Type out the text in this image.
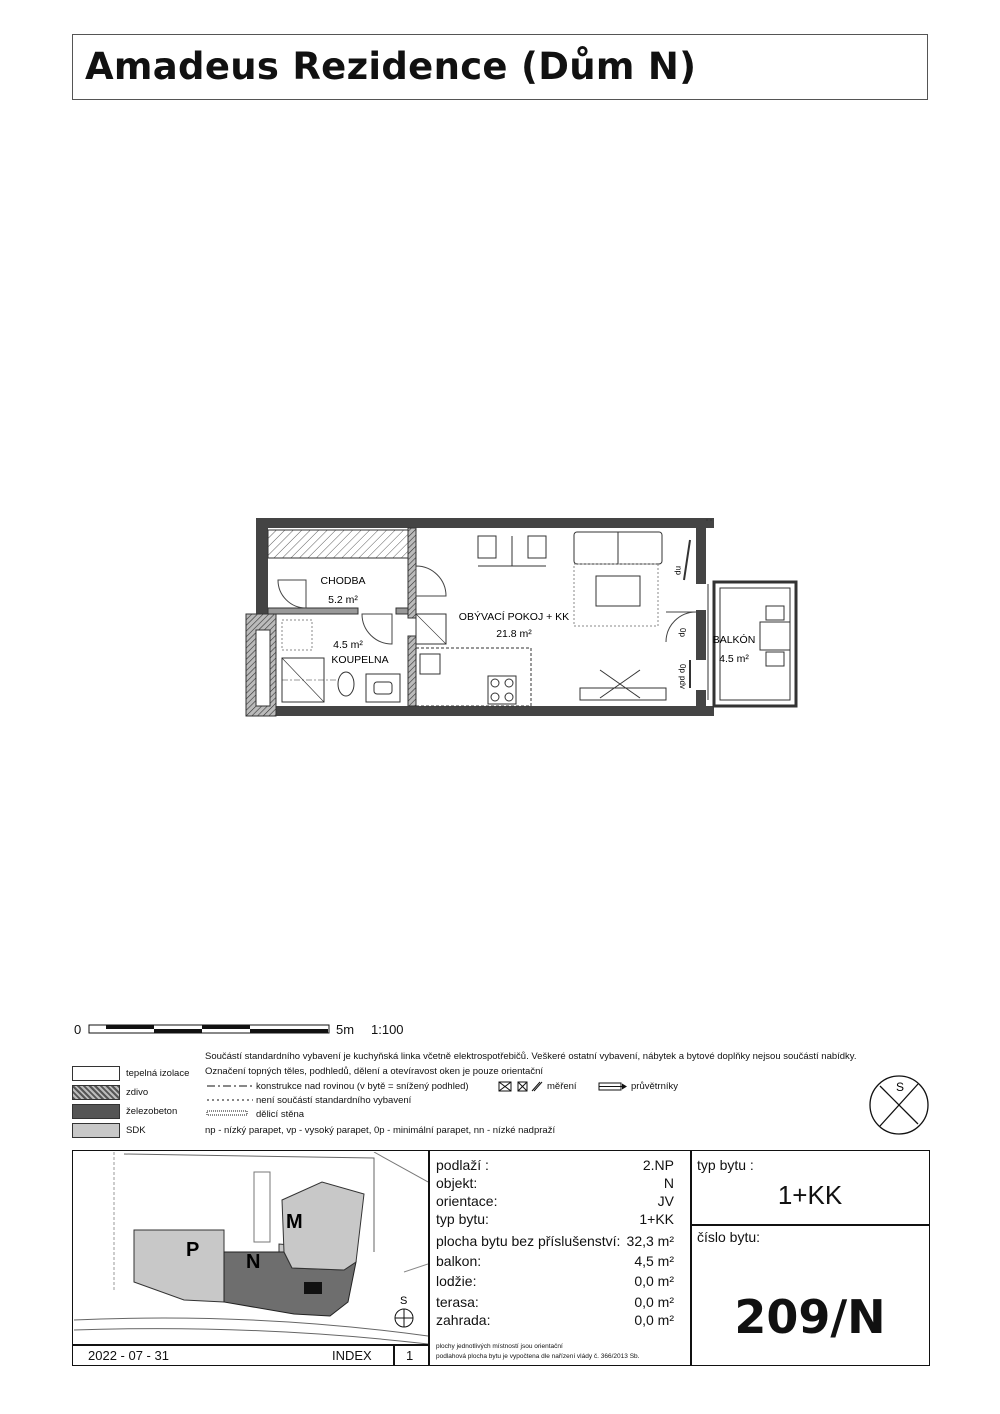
Amadeus Rezidence (Dům N)
CHODBA
5.2 m²
OBÝVACÍ POKOJ + KK
21.8 m²
4.5 m²
KOUPELNA
BALKÓN
4.5 m²
np
0p
0p
pdv
0	5m 1:100
Součástí standardního vybavení je kuchyňská linka včetně elektrospotřebičů. Veškeré ostatní vybavení, nábytek a bytové doplňky nejsou součástí nabídky.
Označení topných těles, podhledů, dělení a otevíravost oken je pouze orientační
tepelná izolace
zdivo
železobeton
SDK
konstrukce nad rovinou (v bytě = snížený podhled)
není součástí standardního vybavení
dělicí stěna
měření	průvětrníky
np - nízký parapet, vp - vysoký parapet, 0p - minimální parapet, nn - nízké nadpraží
S
M
P
N
S
2022 - 07 - 31	INDEX	1
podlaží :	2.NP
objekt:	N
orientace:	JV
typ bytu:	1+KK
plocha bytu bez příslušenství: 32,3 m²
balkon:	4,5 m²
lodžie:	0,0 m²
terasa:	0,0 m²
zahrada:	0,0 m²
plochy jednotlivých místností jsou orientační
podlahová plocha bytu je vypočtena dle nařízení vlády č. 366/2013 Sb.
typ bytu :
1+KK
číslo bytu:
209/N
